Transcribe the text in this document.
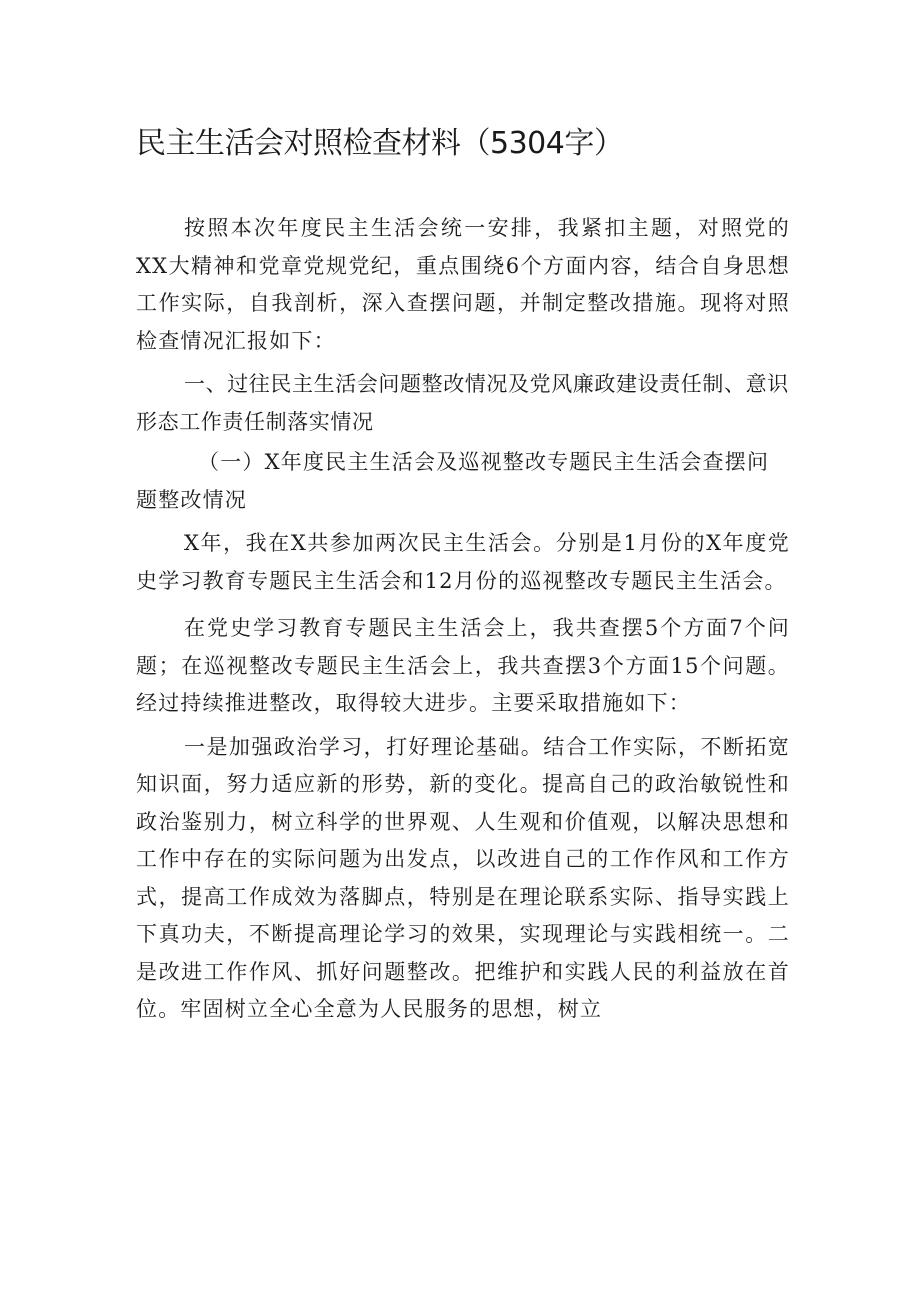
民主生活会对照检查材料（5304字）

按照本次年度民主生活会统一安排，我紧扣主题，对照党的XX大精神和党章党规党纪，重点围绕6个方面内容，结合自身思想工作实际，自我剖析，深入查摆问题，并制定整改措施。现将对照检查情况汇报如下：

一、过往民主生活会问题整改情况及党风廉政建设责任制、意识形态工作责任制落实情况

（一）X年度民主生活会及巡视整改专题民主生活会查摆问题整改情况

X年，我在X共参加两次民主生活会。分别是1月份的X年度党史学习教育专题民主生活会和12月份的巡视整改专题民主生活会。

在党史学习教育专题民主生活会上，我共查摆5个方面7个问题；在巡视整改专题民主生活会上，我共查摆3个方面15个问题。经过持续推进整改，取得较大进步。主要采取措施如下：

一是加强政治学习，打好理论基础。结合工作实际，不断拓宽知识面，努力适应新的形势，新的变化。提高自己的政治敏锐性和政治鉴别力，树立科学的世界观、人生观和价值观，以解决思想和工作中存在的实际问题为出发点，以改进自己的工作作风和工作方式，提高工作成效为落脚点，特别是在理论联系实际、指导实践上下真功夫，不断提高理论学习的效果，实现理论与实践相统一。二是改进工作作风、抓好问题整改。把维护和实践人民的利益放在首位。牢固树立全心全意为人民服务的思想，树立
